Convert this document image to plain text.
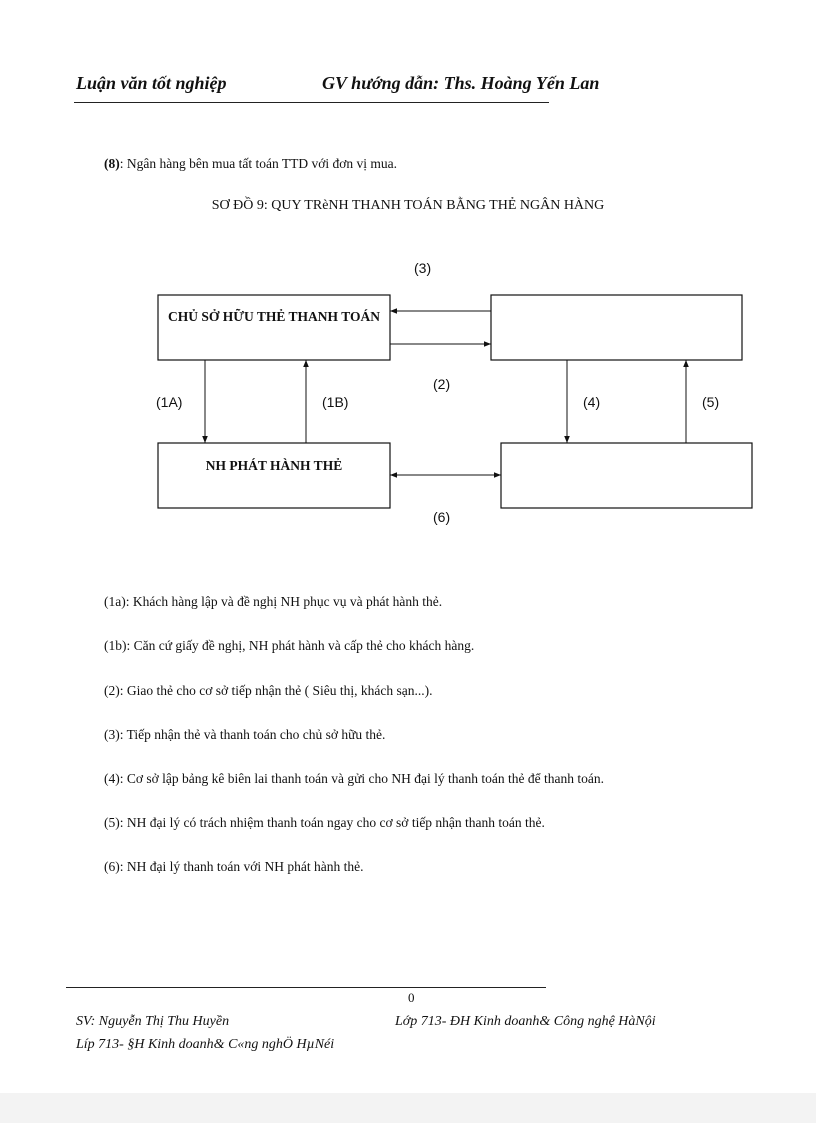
Luận văn tốt nghiệp	GV hướng dẫn: Ths. Hoàng Yến Lan
(8): Ngân hàng bên mua tất toán TTD với đơn vị mua.
SƠ ĐỒ 9: QUY TRèNH THANH TOÁN BẰNG THẺ NGÂN HÀNG
CHỦ SỞ HỮU THẺ THANH TOÁN
NH PHÁT HÀNH THẺ
(3)
(2)
(1A)	(1B)	(4)	(5)
(6)
(1a): Khách hàng lập và đề nghị NH phục vụ và phát hành thẻ.
(1b): Căn cứ giấy đề nghị, NH phát hành và cấp thẻ cho khách hàng.
(2): Giao thẻ cho cơ sở tiếp nhận thẻ ( Siêu thị, khách sạn...).
(3): Tiếp nhận thẻ và thanh toán cho chủ sở hữu thẻ.
(4): Cơ sở lập bảng kê biên lai thanh toán và gửi cho NH đại lý thanh toán thẻ để thanh toán.
(5): NH đại lý có trách nhiệm thanh toán ngay cho cơ sở tiếp nhận thanh toán thẻ.
(6): NH đại lý thanh toán với NH phát hành thẻ.
0
SV: Nguyễn Thị Thu Huyền	Lớp 713- ĐH Kinh doanh& Công nghệ HàNội
Líp 713- §H Kinh doanh& C«ng nghÖ HµNéi
